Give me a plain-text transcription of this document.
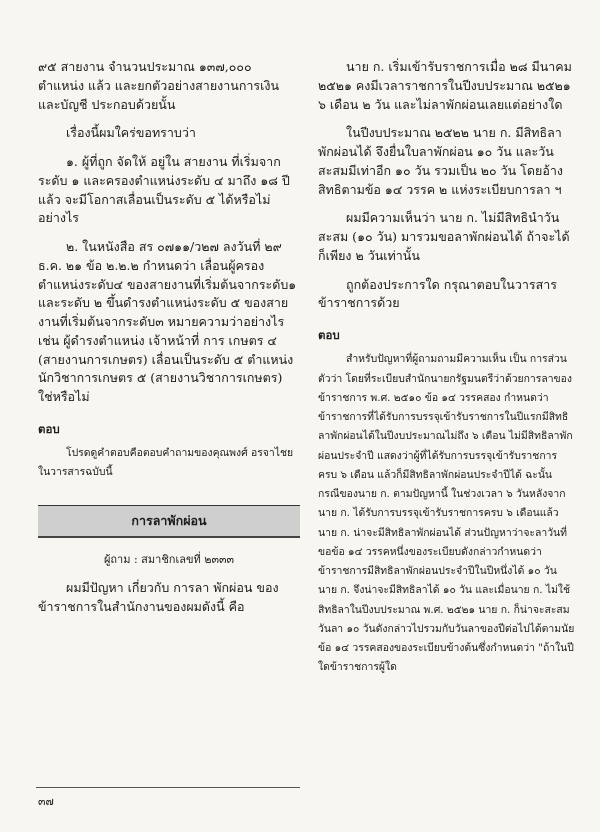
๙๕ สายงาน จำนวนประมาณ ๑๓๗,๐๐๐ ตำแหน่ง แล้ว และยกตัวอย่างสายงานการเงินและบัญชี ประกอบด้วยนั้น

เรื่องนี้ผมใคร่ขอทราบว่า

๑. ผู้ที่ถูก จัดให้ อยู่ใน สายงาน ที่เริ่มจาก ระดับ ๑ และครองตำแหน่งระดับ ๔ มาถึง ๑๘ ปี แล้ว จะมีโอกาสเลื่อนเป็นระดับ ๕ ได้หรือไม่ อย่างไร

๒. ในหนังสือ สร ๐๗๑๑/ว๒๗ ลงวันที่ ๒๙ ธ.ค. ๒๑ ข้อ ๒.๒.๒ กำหนดว่า เลื่อนผู้ครองตำแหน่งระดับ๔ ของสายงานที่เริ่มต้นจากระดับ๑ และระดับ ๒ ขึ้นดำรงตำแหน่งระดับ ๕ ของสายงานที่เริ่มต้นจากระดับ๓ หมายความว่าอย่างไร เช่น ผู้ดำรงตำแหน่ง เจ้าหน้าที่ การ เกษตร ๔ (สายงานการเกษตร) เลื่อนเป็นระดับ ๕ ตำแหน่งนักวิชาการเกษตร ๕ (สายงานวิชาการเกษตร) ใช่หรือไม่

ตอบ

โปรดดูคำตอบคือตอบคำถามของคุณพงศ์ อรจาไชย ในวารสารฉบับนี้

การลาพักผ่อน
ผู้ถาม : สมาชิกเลขที่ ๒๓๓๓

ผมมีปัญหา เกี่ยวกับ การลา พักผ่อน ของข้าราชการในสำนักงานของผมดังนี้ คือ

๓๗

นาย ก. เริ่มเข้ารับราชการเมื่อ ๒๘ มีนาคม ๒๕๒๑ คงมีเวลาราชการในปีงบประมาณ ๒๕๒๑ ๖ เดือน ๒ วัน และไม่ลาพักผ่อนเลยแต่อย่างใด

ในปีงบประมาณ ๒๕๒๒ นาย ก. มีสิทธิลาพักผ่อนได้ จึงยื่นใบลาพักผ่อน ๑๐ วัน และวันสะสมมีเท่าอีก ๑๐ วัน รวมเป็น ๒๐ วัน โดยอ้างสิทธิตามข้อ ๑๔ วรรค ๒ แห่งระเบียบการลา ฯ

ผมมีความเห็นว่า นาย ก. ไม่มีสิทธินำวันสะสม (๑๐ วัน) มารวมขอลาพักผ่อนได้ ถ้าจะได้ก็เพียง ๒ วันเท่านั้น

ถูกต้องประการใด กรุณาตอบในวารสารข้าราชการด้วย

ตอบ

สำหรับปัญหาที่ผู้ถามถามมีความเห็น เป็น การส่วนตัวว่า โดยที่ระเบียบสำนักนายกรัฐมนตรีว่าด้วยการลาของข้าราชการ พ.ศ. ๒๕๑๐ ข้อ ๑๔ วรรคสอง กำหนดว่า ข้าราชการที่ได้รับการบรรจุเข้ารับราชการในปีแรกมีสิทธิลาพักผ่อนได้ในปีงบประมาณไม่ถึง ๖ เดือน ไม่มีสิทธิลาพักผ่อนประจำปี แสดงว่าผู้ที่ได้รับการบรรจุเข้ารับราชการครบ ๖ เดือน แล้วก็มีสิทธิลาพักผ่อนประจำปีได้ ฉะนั้น กรณีของนาย ก. ตามปัญหานี้ ในช่วงเวลา ๖ วันหลังจากนาย ก. ได้รับการบรรจุเข้ารับราชการครบ ๖ เดือนแล้ว นาย ก. น่าจะมีสิทธิลาพักผ่อนได้ ส่วนปัญหาว่าจะลาวันที่ขอข้อ ๑๔ วรรคหนึ่งของระเบียบดังกล่าวกำหนดว่า ข้าราชการมีสิทธิลาพักผ่อนประจำปีในปีหนึ่งได้ ๑๐ วัน นาย ก. จึงน่าจะมีสิทธิลาได้ ๑๐ วัน และเมื่อนาย ก. ไม่ใช้สิทธิลาในปีงบประมาณ พ.ศ. ๒๕๒๑ นาย ก. ก็น่าจะสะสมวันลา ๑๐ วันดังกล่าวไปรวมกับวันลาของปีต่อไปได้ตามนัยข้อ ๑๔ วรรคสองของระเบียบข้างต้นซึ่งกำหนดว่า "ถ้าในปีใดข้าราชการผู้ใด
